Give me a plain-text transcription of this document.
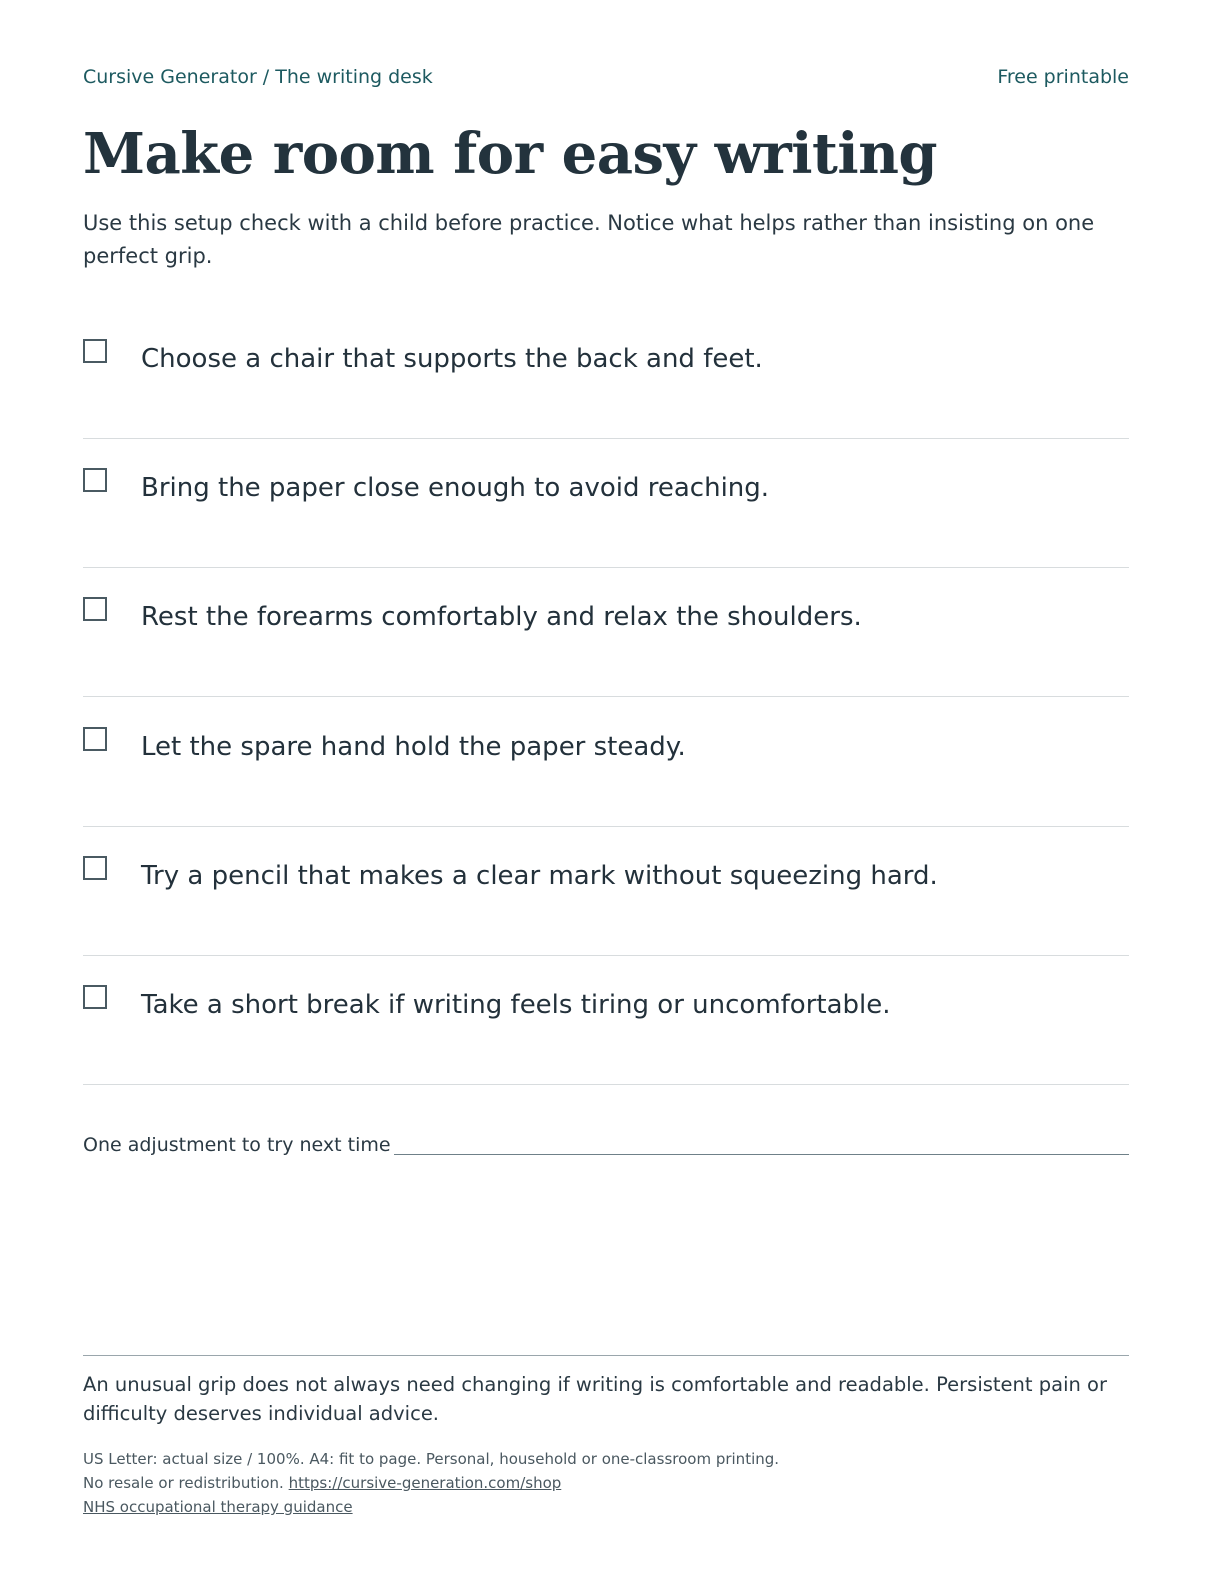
Cursive Generator / The writing desk	Free printable
Make room for easy writing

Use this setup check with a child before practice. Notice what helps rather than insisting on one perfect grip.

Choose a chair that supports the back and feet.
Bring the paper close enough to avoid reaching.
Rest the forearms comfortably and relax the shoulders.
Let the spare hand hold the paper steady.
Try a pencil that makes a clear mark without squeezing hard.
Take a short break if writing feels tiring or uncomfortable.
One adjustment to try next time

An unusual grip does not always need changing if writing is comfortable and readable. Persistent pain or difficulty deserves individual advice.

US Letter: actual size / 100%. A4: fit to page. Personal, household or one-classroom printing.
No resale or redistribution. https://cursive-generation.com/shop
NHS occupational therapy guidance
